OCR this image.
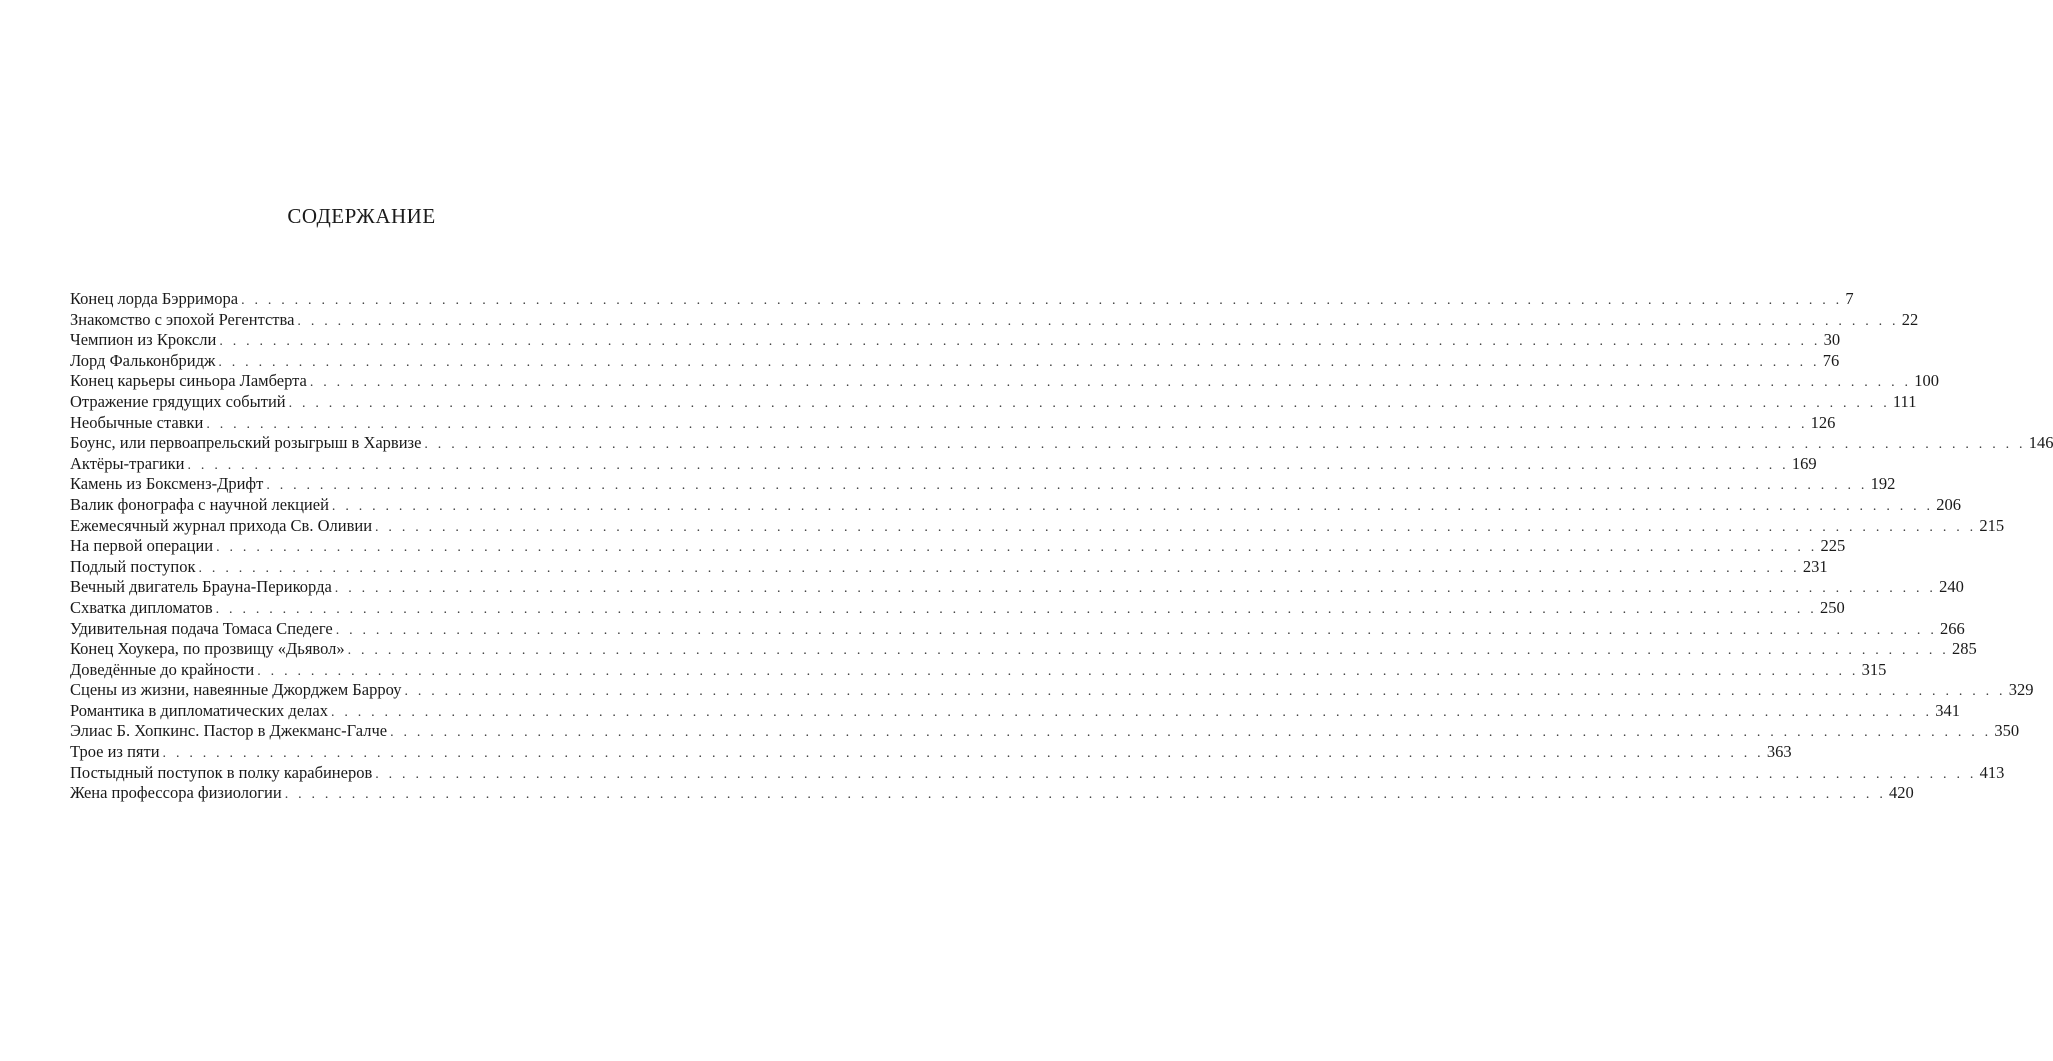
СОДЕРЖАНИЕ
Конец лорда Бэрримора . . . . . . . . . . . . . . . . . . . . . . . . . . . . . . . . . . . . . . . . . . . . . . . . . . . . . . . . . . . . . . . . . . . . . . . . . . . . . . . . . . . . . . . . . . . . . . . . . . . . . . . . . . . . . . . . . . . . . . . . 7
Знакомство с эпохой Регентства . . . . . . . . . . . . . . . . . . . . . . . . . . . . . . . . . . . . . . . . . . . . . . . . . . . . . . . . . . . . . . . . . . . . . . . . . . . . . . . . . . . . . . . . . . . . . . . . . . . . . . . . . . . . . . . . . . . . . . . . 22
Чемпион из Кроксли . . . . . . . . . . . . . . . . . . . . . . . . . . . . . . . . . . . . . . . . . . . . . . . . . . . . . . . . . . . . . . . . . . . . . . . . . . . . . . . . . . . . . . . . . . . . . . . . . . . . . . . . . . . . . . . . . . . . . . . . 30
Лорд Фальконбридж . . . . . . . . . . . . . . . . . . . . . . . . . . . . . . . . . . . . . . . . . . . . . . . . . . . . . . . . . . . . . . . . . . . . . . . . . . . . . . . . . . . . . . . . . . . . . . . . . . . . . . . . . . . . . . . . . . . . . . . . 76
Конец карьеры синьора Ламберта . . . . . . . . . . . . . . . . . . . . . . . . . . . . . . . . . . . . . . . . . . . . . . . . . . . . . . . . . . . . . . . . . . . . . . . . . . . . . . . . . . . . . . . . . . . . . . . . . . . . . . . . . . . . . . . . . . . . . . . . 100
Отражение грядущих событий . . . . . . . . . . . . . . . . . . . . . . . . . . . . . . . . . . . . . . . . . . . . . . . . . . . . . . . . . . . . . . . . . . . . . . . . . . . . . . . . . . . . . . . . . . . . . . . . . . . . . . . . . . . . . . . . . . . . . . . . 111
Необычные ставки . . . . . . . . . . . . . . . . . . . . . . . . . . . . . . . . . . . . . . . . . . . . . . . . . . . . . . . . . . . . . . . . . . . . . . . . . . . . . . . . . . . . . . . . . . . . . . . . . . . . . . . . . . . . . . . . . . . . . . . . 126
Боунс, или первоапрельский розыгрыш в Харвизе . . . . . . . . . . . . . . . . . . . . . . . . . . . . . . . . . . . . . . . . . . . . . . . . . . . . . . . . . . . . . . . . . . . . . . . . . . . . . . . . . . . . . . . . . . . . . . . . . . . . . . . . . . . . . . . . . . . . . . . . 146
Актёры-трагики . . . . . . . . . . . . . . . . . . . . . . . . . . . . . . . . . . . . . . . . . . . . . . . . . . . . . . . . . . . . . . . . . . . . . . . . . . . . . . . . . . . . . . . . . . . . . . . . . . . . . . . . . . . . . . . . . . . . . . . . 169
Камень из Боксменз-Дрифт . . . . . . . . . . . . . . . . . . . . . . . . . . . . . . . . . . . . . . . . . . . . . . . . . . . . . . . . . . . . . . . . . . . . . . . . . . . . . . . . . . . . . . . . . . . . . . . . . . . . . . . . . . . . . . . . . . . . . . . . 192
Валик фонографа с научной лекцией . . . . . . . . . . . . . . . . . . . . . . . . . . . . . . . . . . . . . . . . . . . . . . . . . . . . . . . . . . . . . . . . . . . . . . . . . . . . . . . . . . . . . . . . . . . . . . . . . . . . . . . . . . . . . . . . . . . . . . . . 206
Ежемесячный журнал прихода Св. Оливии . . . . . . . . . . . . . . . . . . . . . . . . . . . . . . . . . . . . . . . . . . . . . . . . . . . . . . . . . . . . . . . . . . . . . . . . . . . . . . . . . . . . . . . . . . . . . . . . . . . . . . . . . . . . . . . . . . . . . . . . 215
На первой операции . . . . . . . . . . . . . . . . . . . . . . . . . . . . . . . . . . . . . . . . . . . . . . . . . . . . . . . . . . . . . . . . . . . . . . . . . . . . . . . . . . . . . . . . . . . . . . . . . . . . . . . . . . . . . . . . . . . . . . . . 225
Подлый поступок . . . . . . . . . . . . . . . . . . . . . . . . . . . . . . . . . . . . . . . . . . . . . . . . . . . . . . . . . . . . . . . . . . . . . . . . . . . . . . . . . . . . . . . . . . . . . . . . . . . . . . . . . . . . . . . . . . . . . . . . 231
Вечный двигатель Брауна-Перикорда . . . . . . . . . . . . . . . . . . . . . . . . . . . . . . . . . . . . . . . . . . . . . . . . . . . . . . . . . . . . . . . . . . . . . . . . . . . . . . . . . . . . . . . . . . . . . . . . . . . . . . . . . . . . . . . . . . . . . . . . 240
Схватка дипломатов . . . . . . . . . . . . . . . . . . . . . . . . . . . . . . . . . . . . . . . . . . . . . . . . . . . . . . . . . . . . . . . . . . . . . . . . . . . . . . . . . . . . . . . . . . . . . . . . . . . . . . . . . . . . . . . . . . . . . . . . 250
Удивительная подача Томаса Спедеге . . . . . . . . . . . . . . . . . . . . . . . . . . . . . . . . . . . . . . . . . . . . . . . . . . . . . . . . . . . . . . . . . . . . . . . . . . . . . . . . . . . . . . . . . . . . . . . . . . . . . . . . . . . . . . . . . . . . . . . . 266
Конец Хоукера, по прозвищу «Дьявол» . . . . . . . . . . . . . . . . . . . . . . . . . . . . . . . . . . . . . . . . . . . . . . . . . . . . . . . . . . . . . . . . . . . . . . . . . . . . . . . . . . . . . . . . . . . . . . . . . . . . . . . . . . . . . . . . . . . . . . . . 285
Доведённые до крайности . . . . . . . . . . . . . . . . . . . . . . . . . . . . . . . . . . . . . . . . . . . . . . . . . . . . . . . . . . . . . . . . . . . . . . . . . . . . . . . . . . . . . . . . . . . . . . . . . . . . . . . . . . . . . . . . . . . . . . . . 315
Сцены из жизни, навеянные Джорджем Барроу . . . . . . . . . . . . . . . . . . . . . . . . . . . . . . . . . . . . . . . . . . . . . . . . . . . . . . . . . . . . . . . . . . . . . . . . . . . . . . . . . . . . . . . . . . . . . . . . . . . . . . . . . . . . . . . . . . . . . . . . 329
Романтика в дипломатических делах . . . . . . . . . . . . . . . . . . . . . . . . . . . . . . . . . . . . . . . . . . . . . . . . . . . . . . . . . . . . . . . . . . . . . . . . . . . . . . . . . . . . . . . . . . . . . . . . . . . . . . . . . . . . . . . . . . . . . . . . 341
Элиас Б. Хопкинс. Пастор в Джекманс-Галче . . . . . . . . . . . . . . . . . . . . . . . . . . . . . . . . . . . . . . . . . . . . . . . . . . . . . . . . . . . . . . . . . . . . . . . . . . . . . . . . . . . . . . . . . . . . . . . . . . . . . . . . . . . . . . . . . . . . . . . . 350
Трое из пяти . . . . . . . . . . . . . . . . . . . . . . . . . . . . . . . . . . . . . . . . . . . . . . . . . . . . . . . . . . . . . . . . . . . . . . . . . . . . . . . . . . . . . . . . . . . . . . . . . . . . . . . . . . . . . . . . . . . . . . . . 363
Постыдный поступок в полку карабинеров . . . . . . . . . . . . . . . . . . . . . . . . . . . . . . . . . . . . . . . . . . . . . . . . . . . . . . . . . . . . . . . . . . . . . . . . . . . . . . . . . . . . . . . . . . . . . . . . . . . . . . . . . . . . . . . . . . . . . . . . 413
Жена профессора физиологии . . . . . . . . . . . . . . . . . . . . . . . . . . . . . . . . . . . . . . . . . . . . . . . . . . . . . . . . . . . . . . . . . . . . . . . . . . . . . . . . . . . . . . . . . . . . . . . . . . . . . . . . . . . . . . . . . . . . . . . . 420
